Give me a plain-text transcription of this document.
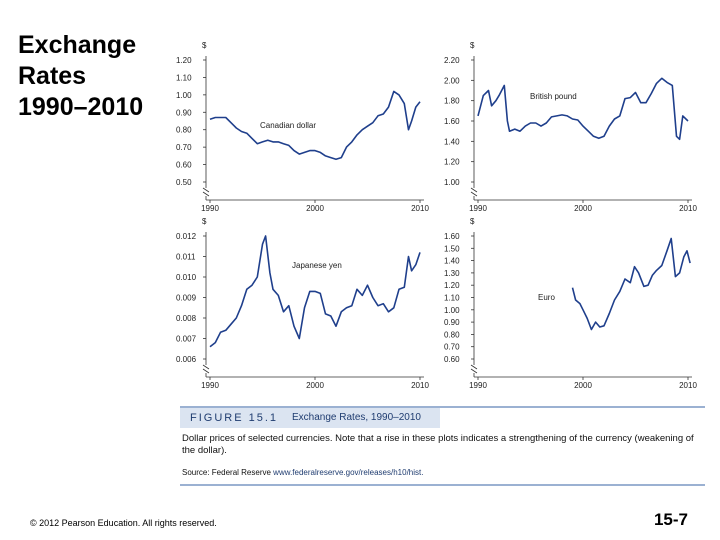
Exchange
Rates
1990–2010
$
1.20
1.10
1.00
0.90
0.80
0.70
0.60
0.50
1990	2000	2010
Canadian dollar
$
2.20
2.00
1.80
1.60
1.40
1.20
1.00
1990	2000	2010
British pound
$
0.012
0.011
0.010
0.009
0.008
0.007
0.006
1990	2000	2010
Japanese yen
$
1.60
1.50
1.40
1.30
1.20
1.10
1.00
0.90
0.80
0.70
0.60
1990	2000	2010
Euro
FIGURE 15.1 Exchange Rates, 1990–2010
Dollar prices of selected currencies. Note that a rise in these plots indicates a strengthening of the currency (weakening of the dollar).
Source: Federal Reserve www.federalreserve.gov/releases/h10/hist.
© 2012 Pearson Education. All rights reserved.	15-7
